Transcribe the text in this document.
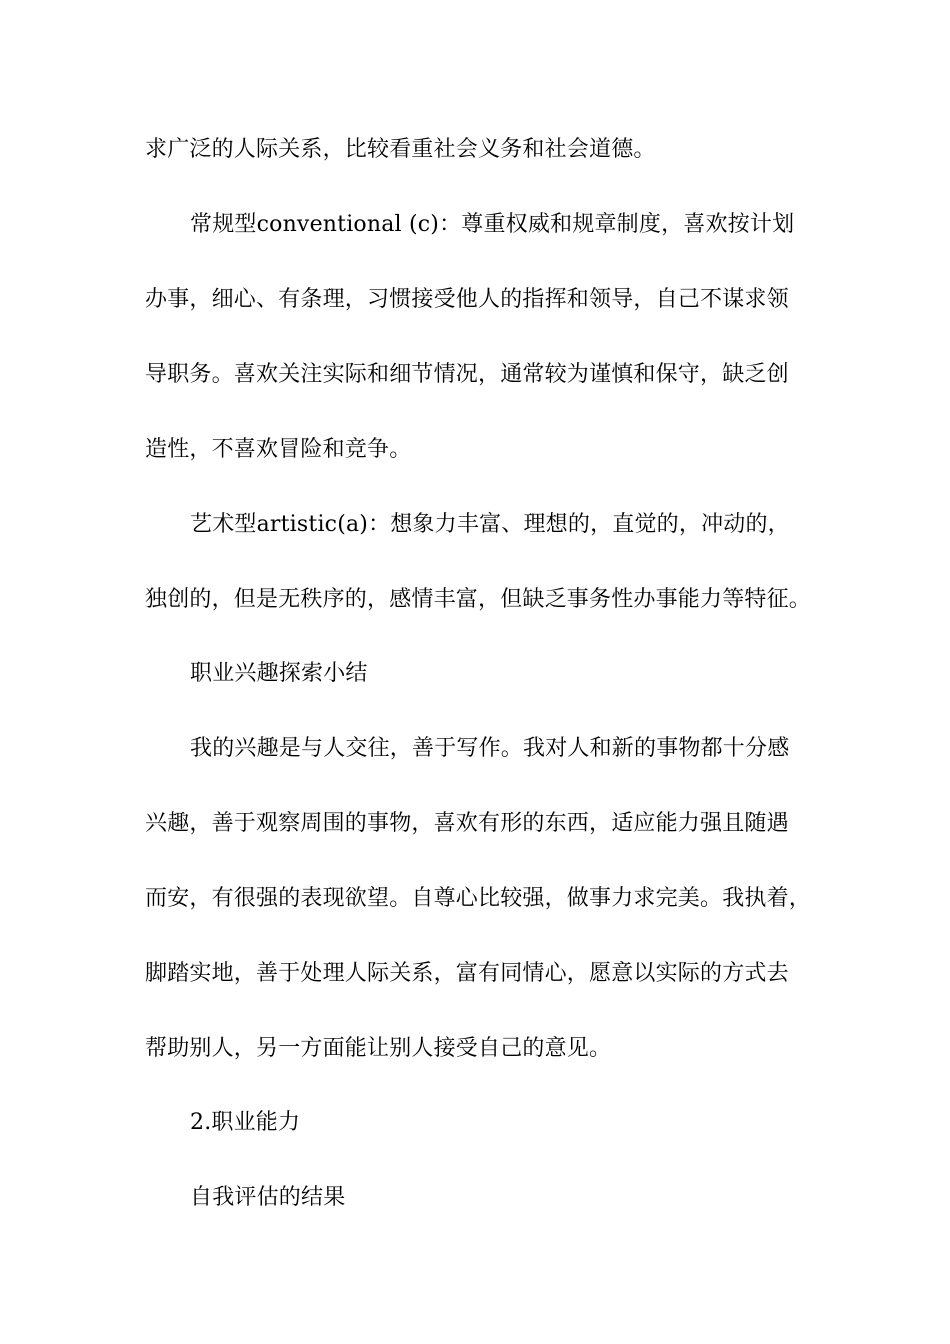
求广泛的人际关系，比较看重社会义务和社会道德。
常规型conventional (c)：尊重权威和规章制度，喜欢按计划
办事，细心、有条理，习惯接受他人的指挥和领导，自己不谋求领
导职务。喜欢关注实际和细节情况，通常较为谨慎和保守，缺乏创
造性，不喜欢冒险和竞争。
艺术型artistic(a)：想象力丰富、理想的，直觉的，冲动的，
独创的，但是无秩序的，感情丰富，但缺乏事务性办事能力等特征。
职业兴趣探索小结
我的兴趣是与人交往，善于写作。我对人和新的事物都十分感
兴趣，善于观察周围的事物，喜欢有形的东西，适应能力强且随遇
而安，有很强的表现欲望。自尊心比较强，做事力求完美。我执着，
脚踏实地，善于处理人际关系，富有同情心，愿意以实际的方式去
帮助别人，另一方面能让别人接受自己的意见。
2.职业能力
自我评估的结果
